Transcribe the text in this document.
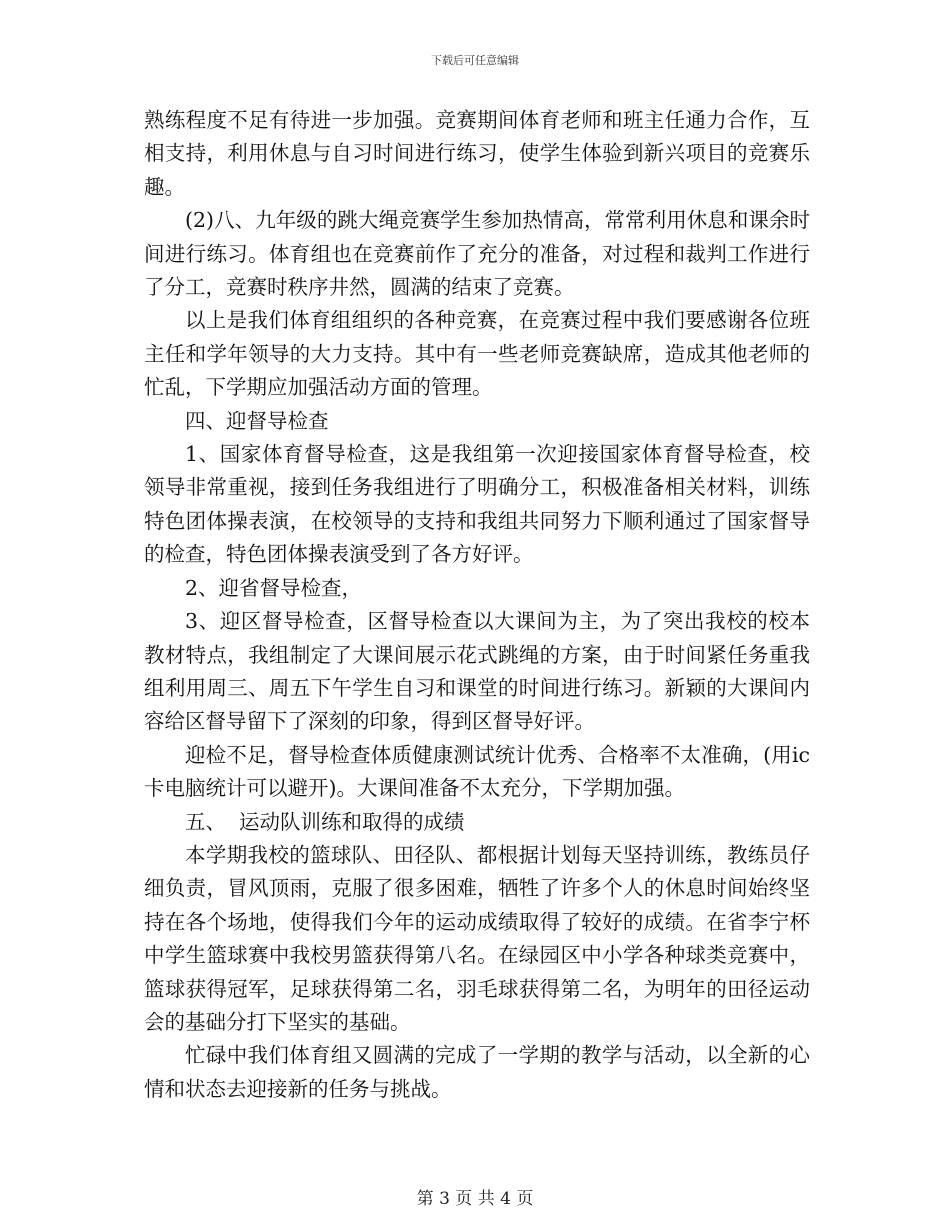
下载后可任意编辑

熟练程度不足有待进一步加强。竞赛期间体育老师和班主任通力合作，互相支持，利用休息与自习时间进行练习，使学生体验到新兴项目的竞赛乐趣。

(2)八、九年级的跳大绳竞赛学生参加热情高，常常利用休息和课余时间进行练习。体育组也在竞赛前作了充分的准备，对过程和裁判工作进行了分工，竞赛时秩序井然，圆满的结束了竞赛。

以上是我们体育组组织的各种竞赛，在竞赛过程中我们要感谢各位班主任和学年领导的大力支持。其中有一些老师竞赛缺席，造成其他老师的忙乱，下学期应加强活动方面的管理。

四、迎督导检查

1、国家体育督导检查，这是我组第一次迎接国家体育督导检查，校领导非常重视，接到任务我组进行了明确分工，积极准备相关材料，训练特色团体操表演，在校领导的支持和我组共同努力下顺利通过了国家督导的检查，特色团体操表演受到了各方好评。

2、迎省督导检查，

3、迎区督导检查，区督导检查以大课间为主，为了突出我校的校本教材特点，我组制定了大课间展示花式跳绳的方案，由于时间紧任务重我组利用周三、周五下午学生自习和课堂的时间进行练习。新颖的大课间内容给区督导留下了深刻的印象，得到区督导好评。

迎检不足，督导检查体质健康测试统计优秀、合格率不太准确，(用ic卡电脑统计可以避开)。大课间准备不太充分，下学期加强。

五、  运动队训练和取得的成绩

本学期我校的篮球队、田径队、都根据计划每天坚持训练，教练员仔细负责，冒风顶雨，克服了很多困难，牺牲了许多个人的休息时间始终坚持在各个场地，使得我们今年的运动成绩取得了较好的成绩。在省李宁杯中学生篮球赛中我校男篮获得第八名。在绿园区中小学各种球类竞赛中，篮球获得冠军，足球获得第二名，羽毛球获得第二名，为明年的田径运动会的基础分打下坚实的基础。

忙碌中我们体育组又圆满的完成了一学期的教学与活动，以全新的心情和状态去迎接新的任务与挑战。

第 3 页 共 4 页
